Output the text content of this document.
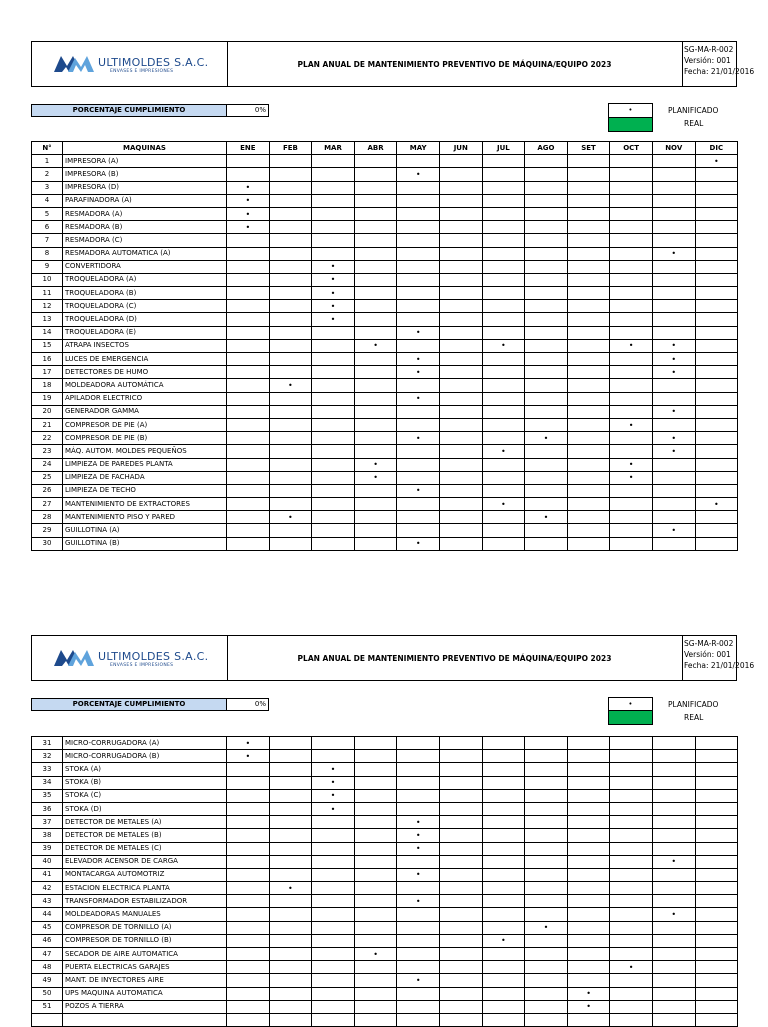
ULTIMOLDES S.A.C.
ENVASES E IMPRESIONES
PLAN ANUAL DE MANTENIMIENTO PREVENTIVO DE MÁQUINA/EQUIPO 2023
SG-MA-R-002
Versión: 001
Fecha: 21/01/2016
PORCENTAJE CUMPLIMIENTO	0%	•	PLANIFICADO
REAL
N°	MAQUINAS	ENE	FEB	MAR	ABR	MAY	JUN	JUL	AGO	SET	OCT	NOV	DIC
1	IMPRESORA (A)												•
2	IMPRESORA (B)					•							
3	IMPRESORA (D)	•											
4	PARAFINADORA (A)	•											
5	RESMADORA (A)	•											
6	RESMADORA (B)	•											
7	RESMADORA (C)												
8	RESMADORA AUTOMATICA (A)											•	
9	CONVERTIDORA			•									
10	TROQUELADORA (A)			•									
11	TROQUELADORA (B)			•									
12	TROQUELADORA (C)			•									
13	TROQUELADORA (D)			•									
14	TROQUELADORA (E)					•							
15	ATRAPA INSECTOS				•			•			•	•	
16	LUCES DE EMERGENCIA					•						•	
17	DETECTORES DE HUMO					•						•	
18	MOLDEADORA AUTOMÁTICA		•										
19	APILADOR ELECTRICO					•							
20	GENERADOR GAMMA											•	
21	COMPRESOR DE PIE (A)										•		
22	COMPRESOR DE PIE (B)					•			•			•	
23	MÁQ. AUTOM. MOLDES PEQUEÑOS							•				•	
24	LIMPIEZA DE PAREDES PLANTA				•						•		
25	LIMPIEZA DE FACHADA				•						•		
26	LIMPIEZA DE TECHO					•							
27	MANTENIMIENTO DE EXTRACTORES							•					•
28	MANTENIMIENTO PISO Y PARED		•						•				
29	GUILLOTINA (A)											•	
30	GUILLOTINA (B)					•							
ULTIMOLDES S.A.C.
ENVASES E IMPRESIONES
PLAN ANUAL DE MANTENIMIENTO PREVENTIVO DE MÁQUINA/EQUIPO 2023
SG-MA-R-002
Versión: 001
Fecha: 21/01/2016
PORCENTAJE CUMPLIMIENTO	0%	•	PLANIFICADO
REAL
31	MICRO-CORRUGADORA (A)	•											
32	MICRO-CORRUGADORA (B)	•											
33	STOKA (A)			•									
34	STOKA (B)			•									
35	STOKA (C)			•									
36	STOKA (D)			•									
37	DETECTOR DE METALES (A)					•							
38	DETECTOR DE METALES (B)					•							
39	DETECTOR DE METALES (C)					•							
40	ELEVADOR ACENSOR DE CARGA											•	
41	MONTACARGA AUTOMOTRIZ					•							
42	ESTACION ELECTRICA PLANTA		•										
43	TRANSFORMADOR ESTABILIZADOR					•							
44	MOLDEADORAS MANUALES											•	
45	COMPRESOR DE TORNILLO (A)								•				
46	COMPRESOR DE TORNILLO (B)							•					
47	SECADOR DE AIRE AUTOMATICA				•								
48	PUERTA ELECTRICAS GARAJES										•		
49	MANT. DE INYECTORES AIRE					•							
50	UPS MAQUINA AUTOMATICA									•			
51	POZOS A TIERRA									•			
